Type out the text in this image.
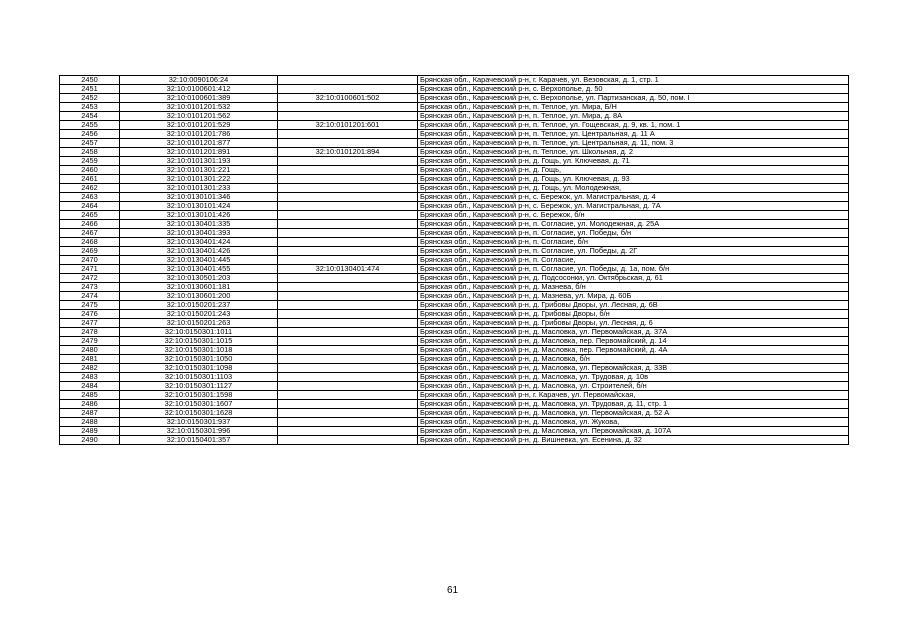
2450	32:10:0090106:24		Брянская обл., Карачевский р-н, г. Карачев, ул. Везовская, д. 1, стр. 1
2451	32:10:0100601:412		Брянская обл., Карачевский р-н, с. Верхополье, д. 50
2452	32:10:0100601:389	32:10:0100601:502	Брянская обл., Карачевский р-н, с. Верхополье, ул. Партизанская, д. 50, пом. I
2453	32:10:0101201:532		Брянская обл., Карачевский р-н, п. Теплое, ул. Мира, Б/Н
2454	32:10:0101201:562		Брянская обл., Карачевский р-н, п. Теплое, ул. Мира, д. 8А
2455	32:10:0101201:529	32:10:0101201:601	Брянская обл., Карачевский р-н, п. Теплое, ул. Гощевская, д. 9, кв. 1, пом. 1
2456	32:10:0101201:786		Брянская обл., Карачевский р-н, п. Теплое, ул. Центральная, д. 11 А
2457	32:10:0101201:877		Брянская обл., Карачевский р-н, п. Теплое, ул. Центральная, д. 11, пом. 3
2458	32:10:0101201:891	32:10:0101201:894	Брянская обл., Карачевский р-н, п. Теплое, ул. Школьная, д. 2
2459	32:10:0101301:193		Брянская обл., Карачевский р-н, д. Гощь, ул. Ключевая, д. 71
2460	32:10:0101301:221		Брянская обл., Карачевский р-н, д. Гощь,
2461	32:10:0101301:222		Брянская обл., Карачевский р-н, д. Гощь, ул. Ключевая, д. 93
2462	32:10:0101301:233		Брянская обл., Карачевский р-н, д. Гощь, ул. Молодежная,
2463	32:10:0130101:346		Брянская обл., Карачевский р-н, с. Бережок, ул. Магистральная, д. 4
2464	32:10:0130101:424		Брянская обл., Карачевский р-н, с. Бережок, ул. Магистральная, д. 7А
2465	32:10:0130101:426		Брянская обл., Карачевский р-н, с. Бережок, б/н
2466	32:10:0130401:335		Брянская обл., Карачевский р-н, п. Согласие, ул. Молодежная, д. 25А
2467	32:10:0130401:393		Брянская обл., Карачевский р-н, п. Согласие, ул. Победы, б/н
2468	32:10:0130401:424		Брянская обл., Карачевский р-н, п. Согласие, б/н
2469	32:10:0130401:426		Брянская обл., Карачевский р-н, п. Согласие, ул. Победы, д. 2Г
2470	32:10:0130401:445		Брянская обл., Карачевский р-н, п. Согласие,
2471	32:10:0130401:455	32:10:0130401:474	Брянская обл., Карачевский р-н, п. Согласие, ул. Победы, д. 1а, пом. б/н
2472	32:10:0130501:203		Брянская обл., Карачевский р-н, д. Подсосонки, ул. Октябрьская, д. 61
2473	32:10:0130601:181		Брянская обл., Карачевский р-н, д. Мазнева, б/н
2474	32:10:0130601:200		Брянская обл., Карачевский р-н, д. Мазнева, ул. Мира, д. 60Б
2475	32:10:0150201:237		Брянская обл., Карачевский р-н, д. Грибовы Дворы, ул. Лесная, д. 6В
2476	32:10:0150201:243		Брянская обл., Карачевский р-н, д. Грибовы Дворы, б/н
2477	32:10:0150201:263		Брянская обл., Карачевский р-н, д. Грибовы Дворы, ул. Лесная, д. 6
2478	32:10:0150301:1011		Брянская обл., Карачевский р-н, д. Масловка, ул. Первомайская, д. 37А
2479	32:10:0150301:1015		Брянская обл., Карачевский р-н, д. Масловка, пер. Первомайский, д. 14
2480	32:10:0150301:1018		Брянская обл., Карачевский р-н, д. Масловка, пер. Первомайский, д. 4А
2481	32:10:0150301:1050		Брянская обл., Карачевский р-н, д. Масловка, б/н
2482	32:10:0150301:1098		Брянская обл., Карачевский р-н, д. Масловка, ул. Первомайская, д. 33В
2483	32:10:0150301:1103		Брянская обл., Карачевский р-н, д. Масловка, ул. Трудовая, д. 10в
2484	32:10:0150301:1127		Брянская обл., Карачевский р-н, д. Масловка, ул. Строителей, б/н
2485	32:10:0150301:1598		Брянская обл., Карачевский р-н, г. Карачев, ул. Первомайская,
2486	32:10:0150301:1607		Брянская обл., Карачевский р-н, д. Масловка, ул. Трудовая, д. 11, стр. 1
2487	32:10:0150301:1628		Брянская обл., Карачевский р-н, д. Масловка, ул. Первомайская, д. 52 А
2488	32:10:0150301:937		Брянская обл., Карачевский р-н, д. Масловка, ул. Жукова,
2489	32:10:0150301:996		Брянская обл., Карачевский р-н, д. Масловка, ул. Первомайская, д. 107А
2490	32:10:0150401:357		Брянская обл., Карачевский р-н, д. Вишневка, ул. Есенина, д. 32
61
